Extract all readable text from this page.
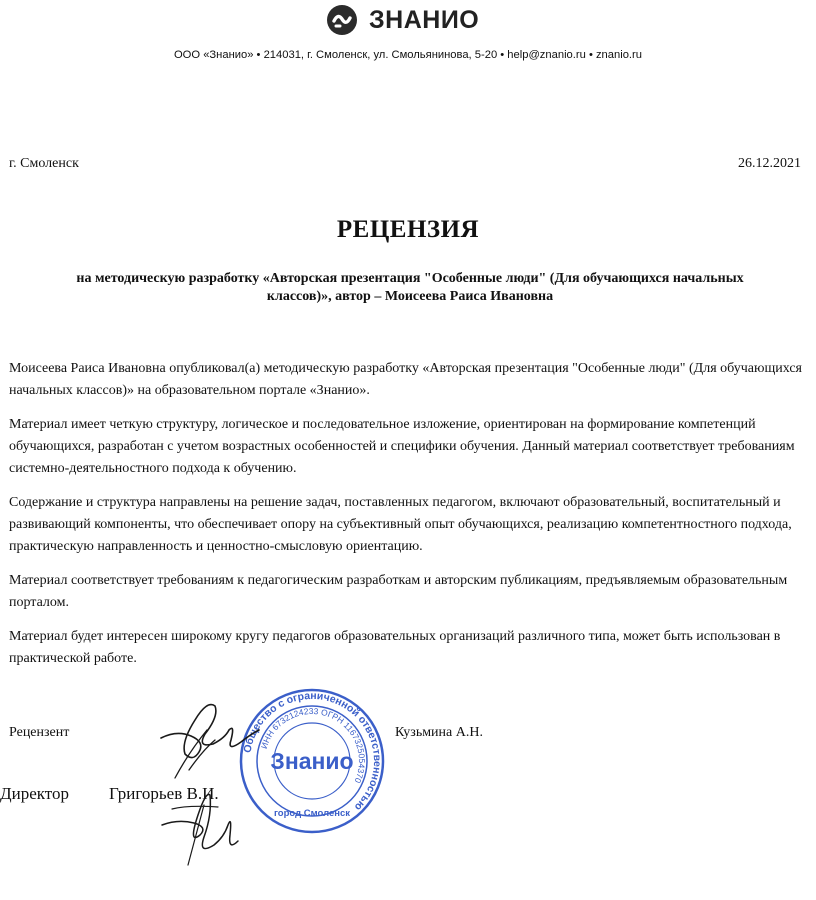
ЗНАНИО
ООО «Знанио» • 214031, г. Смоленск, ул. Смольянинова, 5-20 • help@znanio.ru • znanio.ru
г. Смоленск	26.12.2021
РЕЦЕНЗИЯ
на методическую разработку «Авторская презентация "Особенные люди" (Для обучающихся начальных классов)», автор – Моисеева Раиса Ивановна

Моисеева Раиса Ивановна опубликовал(а) методическую разработку «Авторская презентация "Особенные люди" (Для обучающихся начальных классов)» на образовательном портале «Знанио».

Материал имеет четкую структуру, логическое и последовательное изложение, ориентирован на формирование компетенций обучающихся, разработан с учетом возрастных особенностей и специфики обучения. Данный материал соответствует требованиям системно-деятельностного подхода к обучению.

Содержание и структура направлены на решение задач, поставленных педагогом, включают образовательный, воспитательный и развивающий компоненты, что обеспечивает опору на субъективный опыт обучающихся, реализацию компетентностного подхода, практическую направленность и ценностно-смысловую ориентацию.

Материал соответствует требованиям к педагогическим разработкам и авторским публикациям, предъявляемым образовательным порталом.

Материал будет интересен широкому кругу педагогов образовательных организаций различного типа, может быть использован в практической работе.

Рецензент	Кузьмина А.Н.
Директор Григорьев В.И.
Общество с ограниченной ответственностью
ИНН 6732124233 ОГРН 1167325054370
Знанио
город Смоленск
